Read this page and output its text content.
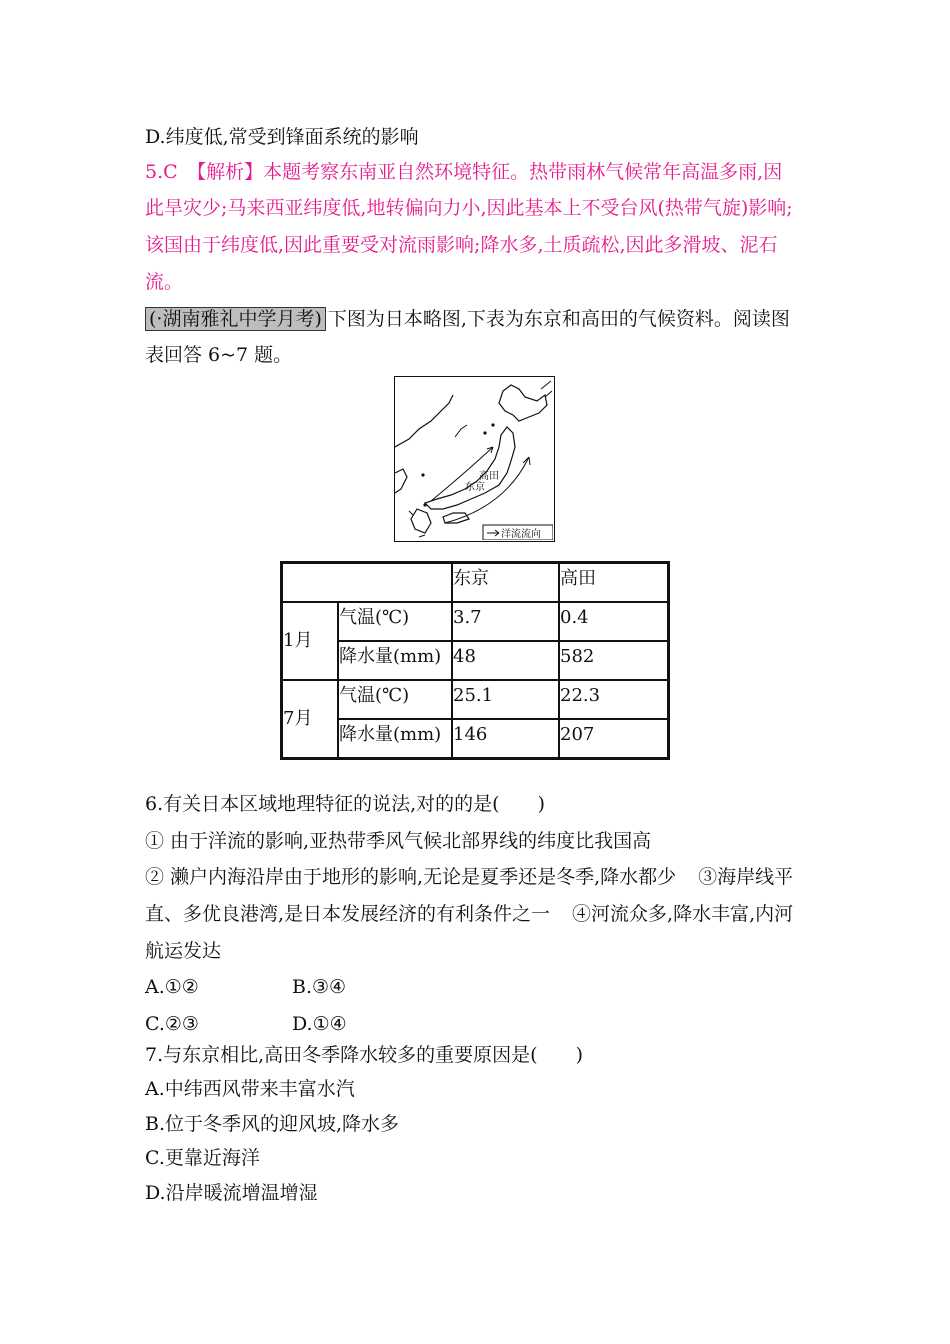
D.纬度低,常受到锋面系统的影响
5.C　【解析】本题考察东南亚自然环境特征。热带雨林气候常年高温多雨,因
此旱灾少;马来西亚纬度低,地转偏向力小,因此基本上不受台风(热带气旋)影响;
该国由于纬度低,因此重要受对流雨影响;降水多,土质疏松,因此多滑坡、泥石
流。
(·湖南雅礼中学月考) 下图为日本略图,下表为东京和高田的气候资料。阅读图
表回答 6~7 题。
高田
东京
洋流流向
		东京	高田
1月	气温(℃)	3.7	0.4
	降水量(mm)	48	582
7月	气温(℃)	25.1	22.3
	降水量(mm)	146	207
6.有关日本区域地理特征的说法,对的的是(　　)
① 由于洋流的影响,亚热带季风气候北部界线的纬度比我国高
② 濑户内海沿岸由于地形的影响,无论是夏季还是冬季,降水都少 ③海岸线平
直、多优良港湾,是日本发展经济的有利条件之一 ④河流众多,降水丰富,内河
航运发达
A.①②	B.③④
C.②③	D.①④
7.与东京相比,高田冬季降水较多的重要原因是(　　)
A.中纬西风带来丰富水汽
B.位于冬季风的迎风坡,降水多
C.更靠近海洋
D.沿岸暖流增温增湿
